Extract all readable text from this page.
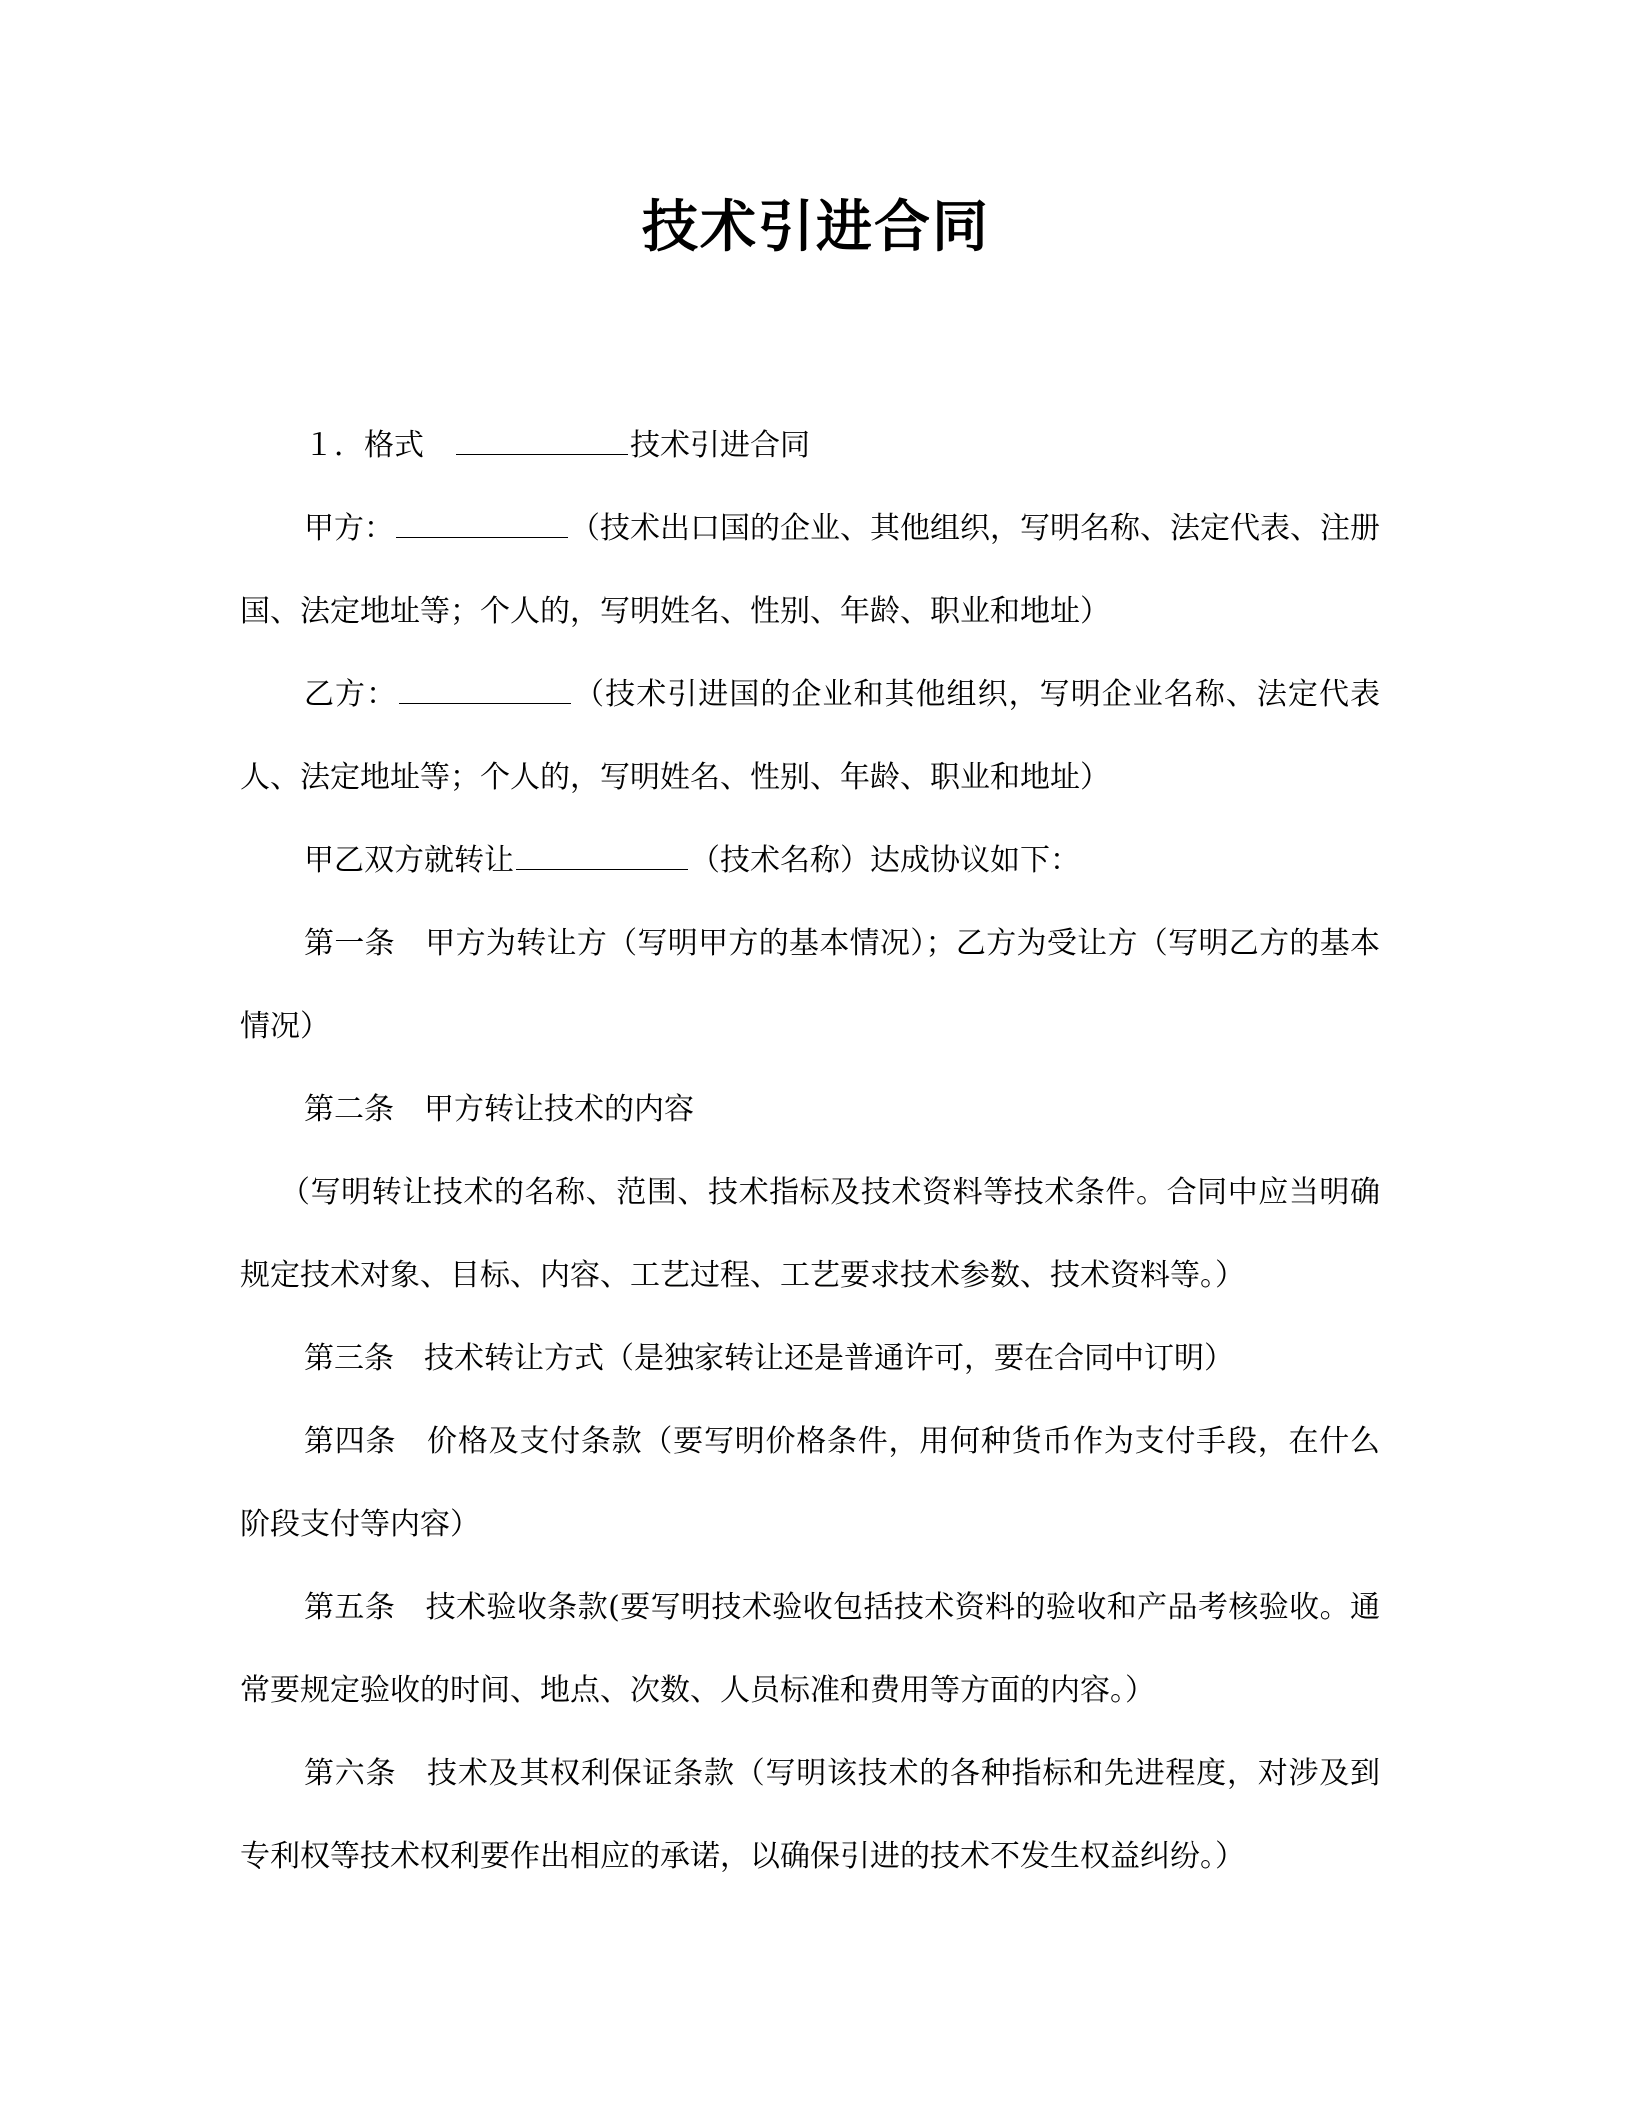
技术引进合同

１．格式	技术引进合同

甲方：	（技术出口国的企业、其他组织，写明名称、法定代表、注册国、法定地址等；个人的，写明姓名、性别、年龄、职业和地址）

乙方：	（技术引进国的企业和其他组织，写明企业名称、法定代表人、法定地址等；个人的，写明姓名、性别、年龄、职业和地址）

甲乙双方就转让	（技术名称）达成协议如下：

第一条 甲方为转让方（写明甲方的基本情况）；乙方为受让方（写明乙方的基本情况）

第二条 甲方转让技术的内容

（写明转让技术的名称、范围、技术指标及技术资料等技术条件。合同中应当明确规定技术对象、目标、内容、工艺过程、工艺要求技术参数、技术资料等。）

第三条 技术转让方式（是独家转让还是普通许可，要在合同中订明）

第四条 价格及支付条款（要写明价格条件，用何种货币作为支付手段，在什么阶段支付等内容）

第五条 技术验收条款(要写明技术验收包括技术资料的验收和产品考核验收。通常要规定验收的时间、地点、次数、人员标准和费用等方面的内容。）

第六条 技术及其权利保证条款（写明该技术的各种指标和先进程度，对涉及到专利权等技术权利要作出相应的承诺，以确保引进的技术不发生权益纠纷。）
